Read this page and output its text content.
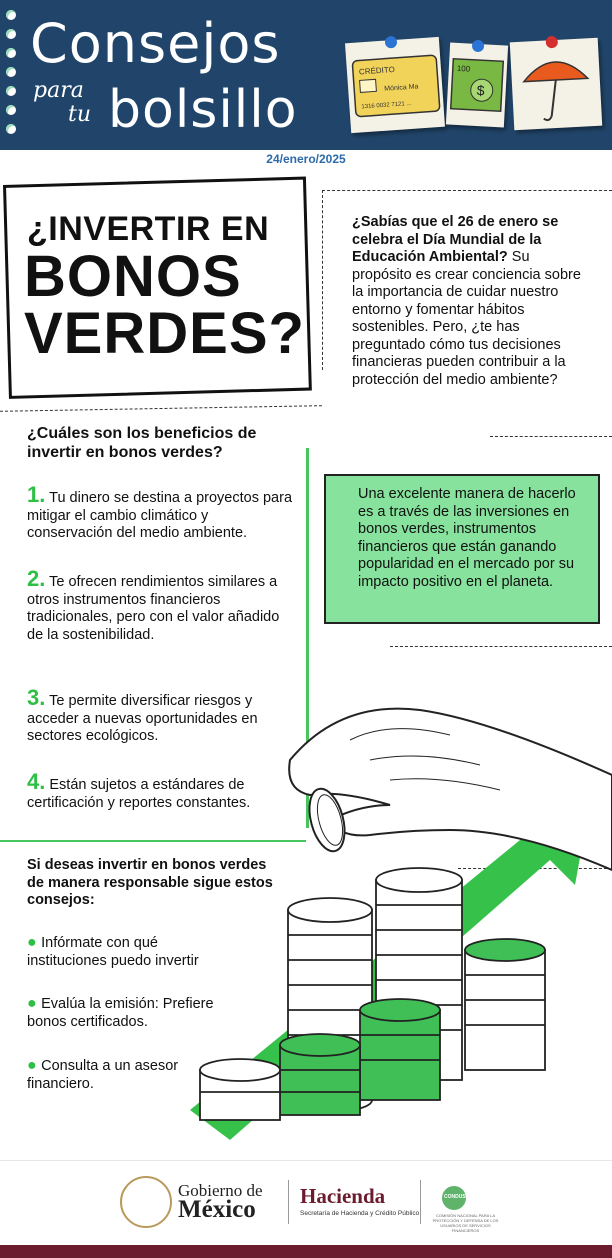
Consejos
para
tu bolsillo
CRÉDITO
Mónica Ma
1316 0032 7121 ...
100
$
24/enero/2025
¿INVERTIR EN
BONOS
VERDES?
¿Sabías que el 26 de enero se celebra el Día Mundial de la Educación Ambiental? Su propósito es crear conciencia sobre la importancia de cuidar nuestro entorno y fomentar hábitos sostenibles. Pero, ¿te has preguntado cómo tus decisiones financieras pueden contribuir a la protección del medio ambiente?
¿Cuáles son los beneficios de invertir en bonos verdes?
1. Tu dinero se destina a proyectos para mitigar el cambio climático y conservación del medio ambiente.
2. Te ofrecen rendimientos similares a otros instrumentos financieros tradicionales, pero con el valor añadido de la sostenibilidad.
3. Te permite diversificar riesgos y acceder a nuevas oportunidades en sectores ecológicos.
4. Están sujetos a estándares de certificación y reportes constantes.
Una excelente manera de hacerlo es a través de las inversiones en bonos verdes, instrumentos financieros que están ganando popularidad en el mercado por su impacto positivo en el planeta.
Si deseas invertir en bonos verdes de manera responsable sigue estos consejos:
● Infórmate con qué instituciones puedo invertir
● Evalúa la emisión: Prefiere bonos certificados.
● Consulta a un asesor financiero.
Gobierno de
México Hacienda
Secretaría de Hacienda y Crédito Público
CONDUSEF
COMISIÓN NACIONAL PARA LA PROTECCIÓN Y DEFENSA DE LOS USUARIOS DE SERVICIOS FINANCIEROS
